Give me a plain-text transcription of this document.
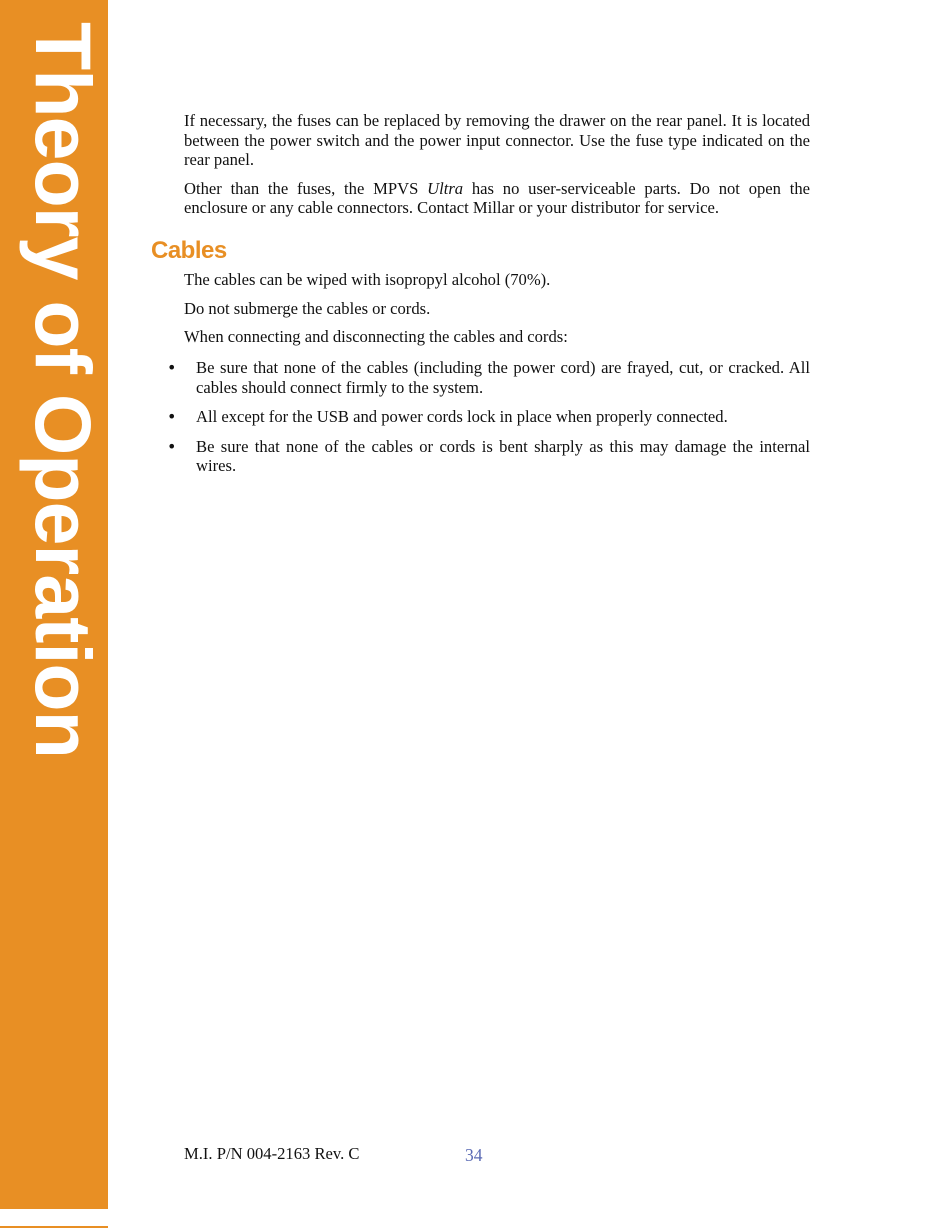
Theory of Operation	If necessary, the fuses can be replaced by removing the drawer on the rear panel. It is located between the power switch and the power input connector. Use the fuse type indicated on the rear panel.

Other than the fuses, the MPVS Ultra has no user-serviceable parts. Do not open the enclosure or any cable connectors. Contact Millar or your distributor for service.

Cables

The cables can be wiped with isopropyl alcohol (70%).

Do not submerge the cables or cords.

When connecting and disconnecting the cables and cords:

• Be sure that none of the cables (including the power cord) are frayed, cut, or cracked. All cables should connect firmly to the system.
• All except for the USB and power cords lock in place when properly connected.
• Be sure that none of the cables or cords is bent sharply as this may damage the internal wires.
M.I. P/N 004-2163 Rev. C	34
